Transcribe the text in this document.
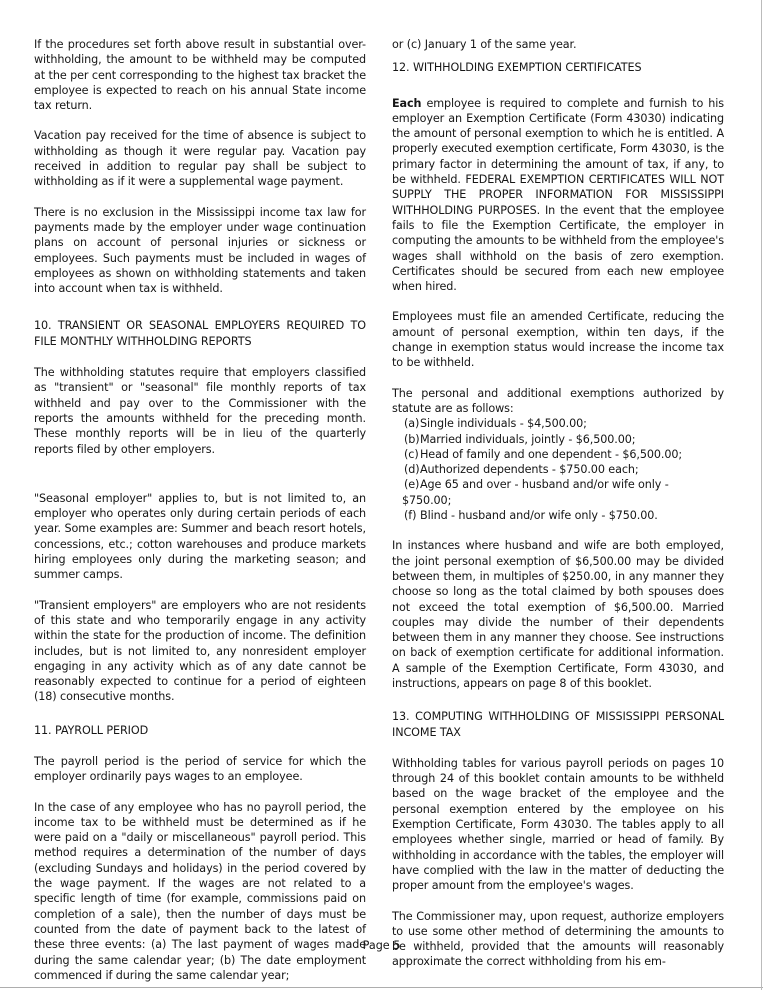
If the procedures set forth above result in substantial over-withholding, the amount to be withheld may be computed at the per cent corresponding to the highest tax bracket the employee is expected to reach on his annual State income tax return.

Vacation pay received for the time of absence is subject to withholding as though it were regular pay. Vacation pay received in addition to regular pay shall be subject to withholding as if it were a supplemental wage payment.

There is no exclusion in the Mississippi income tax law for payments made by the employer under wage continuation plans on account of personal injuries or sickness or employees. Such payments must be included in wages of employees as shown on withholding statements and taken into account when tax is withheld.

10. TRANSIENT OR SEASONAL EMPLOYERS REQUIRED TO FILE MONTHLY WITHHOLDING REPORTS

The withholding statutes require that employers classified as "transient" or "seasonal" file monthly reports of tax withheld and pay over to the Commissioner with the reports the amounts withheld for the preceding month. These monthly reports will be in lieu of the quarterly reports filed by other employers.

"Seasonal employer" applies to, but is not limited to, an employer who operates only during certain periods of each year. Some examples are: Summer and beach resort hotels, concessions, etc.; cotton warehouses and produce markets hiring employees only during the marketing season; and summer camps.

"Transient employers" are employers who are not residents of this state and who temporarily engage in any activity within the state for the production of income. The definition includes, but is not limited to, any nonresident employer engaging in any activity which as of any date cannot be reasonably expected to continue for a period of eighteen (18) consecutive months.

11. PAYROLL PERIOD

The payroll period is the period of service for which the employer ordinarily pays wages to an employee.

In the case of any employee who has no payroll period, the income tax to be withheld must be determined as if he were paid on a "daily or miscellaneous" payroll period. This method requires a determination of the number of days (excluding Sundays and holidays) in the period covered by the wage payment. If the wages are not related to a specific length of time (for example, commissions paid on completion of a sale), then the number of days must be counted from the date of payment back to the latest of these three events: (a) The last payment of wages made during the same calendar year; (b) The date employment commenced if during the same calendar year;

or (c) January 1 of the same year.

12. WITHHOLDING EXEMPTION CERTIFICATES

Each employee is required to complete and furnish to his employer an Exemption Certificate (Form 43030) indicating the amount of personal exemption to which he is entitled. A properly executed exemption certificate, Form 43030, is the primary factor in determining the amount of tax, if any, to be withheld. FEDERAL EXEMPTION CERTIFICATES WILL NOT SUPPLY THE PROPER INFORMATION FOR MISSISSIPPI WITHHOLDING PURPOSES. In the event that the employee fails to file the Exemption Certificate, the employer in computing the amounts to be withheld from the employee's wages shall withhold on the basis of zero exemption. Certificates should be secured from each new employee when hired.

Employees must file an amended Certificate, reducing the amount of personal exemption, within ten days, if the change in exemption status would increase the income tax to be withheld.

The personal and additional exemptions authorized by statute are as follows:

(a) Single individuals - $4,500.00;
(b) Married individuals, jointly - $6,500.00;
(c) Head of family and one dependent - $6,500.00;
(d) Authorized dependents - $750.00 each;
(e) Age 65 and over - husband and/or wife only -
$750.00;
(f) Blind - husband and/or wife only - $750.00.

In instances where husband and wife are both employed, the joint personal exemption of $6,500.00 may be divided between them, in multiples of $250.00, in any manner they choose so long as the total claimed by both spouses does not exceed the total exemption of $6,500.00. Married couples may divide the number of their dependents between them in any manner they choose. See instructions on back of exemption certificate for additional information. A sample of the Exemption Certificate, Form 43030, and instructions, appears on page 8 of this booklet.

13. COMPUTING WITHHOLDING OF MISSISSIPPI PERSONAL INCOME TAX

Withholding tables for various payroll periods on pages 10 through 24 of this booklet contain amounts to be withheld based on the wage bracket of the employee and the personal exemption entered by the employee on his Exemption Certificate, Form 43030. The tables apply to all employees whether single, married or head of family. By withholding in accordance with the tables, the employer will have complied with the law in the matter of deducting the proper amount from the employee's wages.

The Commissioner may, upon request, authorize employers to use some other method of determining the amounts to be withheld, provided that the amounts will reasonably approximate the correct withholding from his em-

Page 5
